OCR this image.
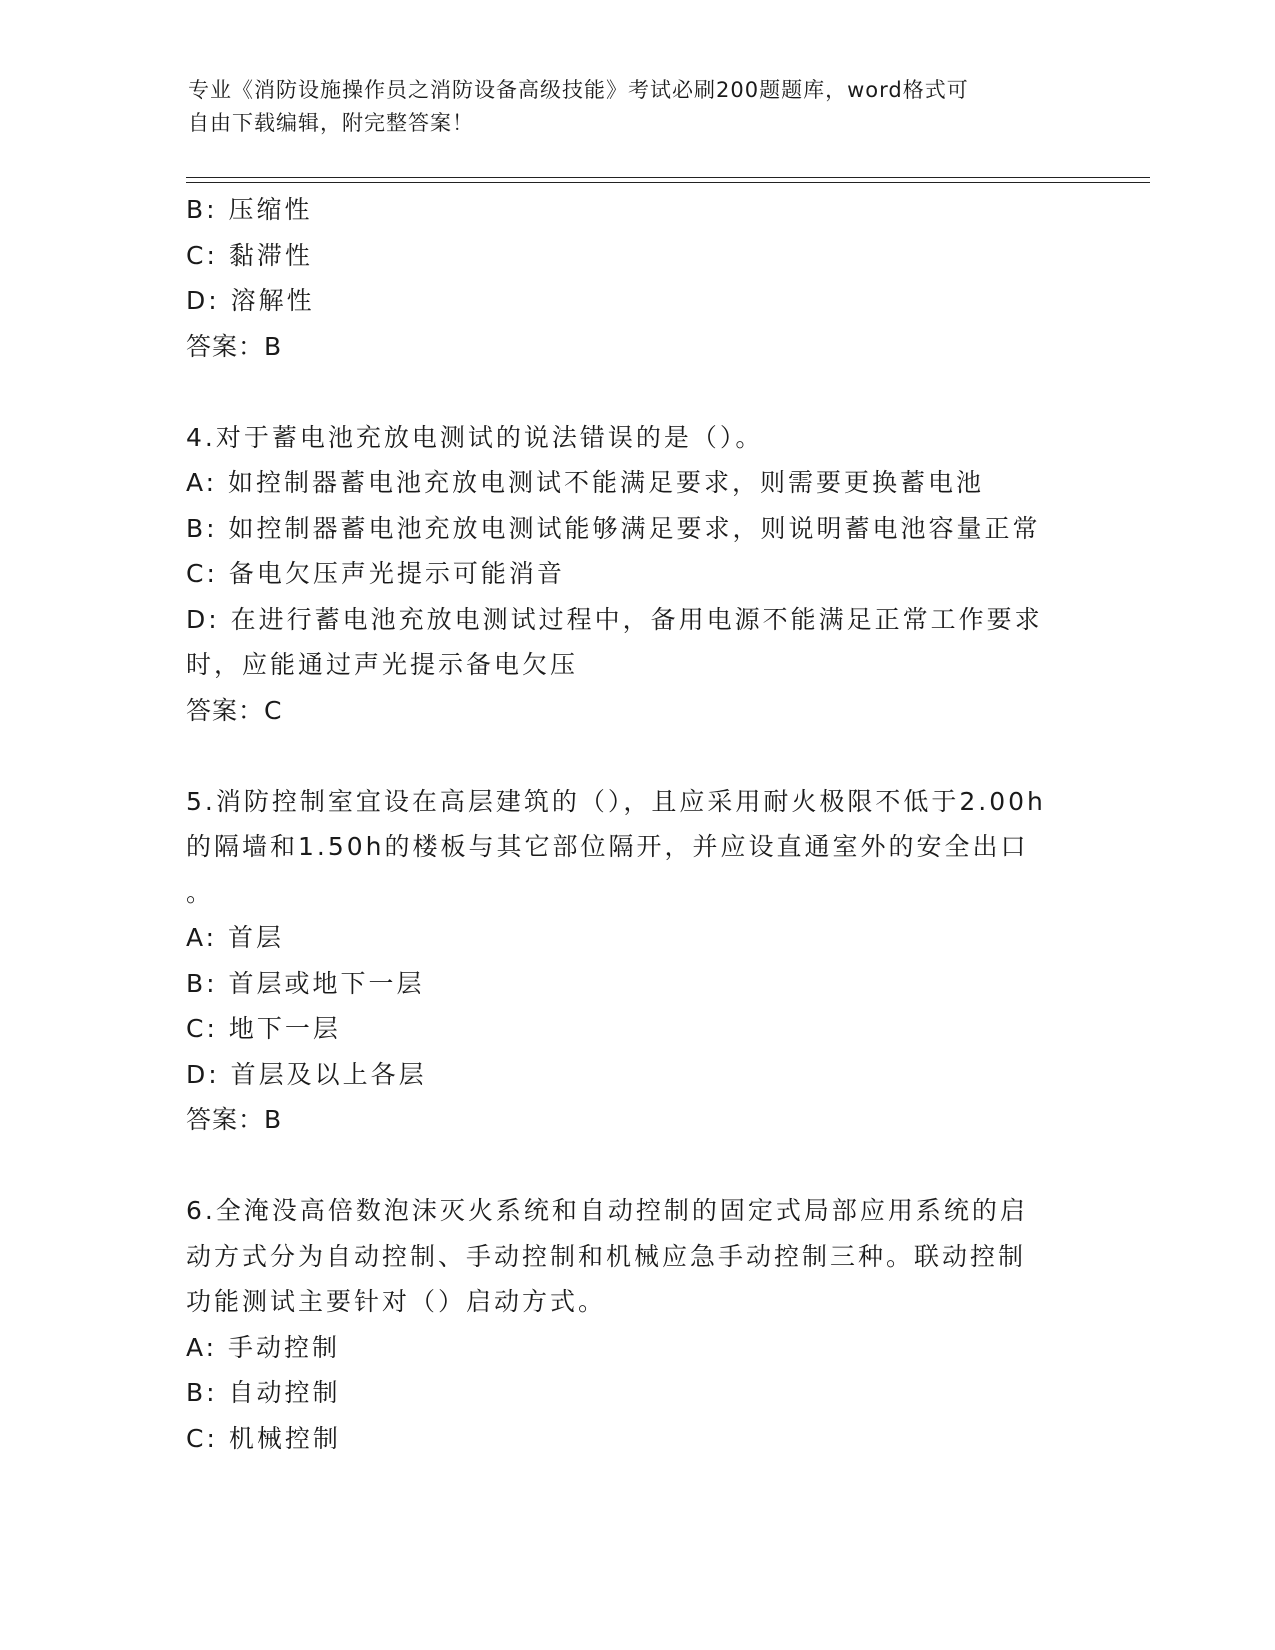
专业《消防设施操作员之消防设备高级技能》考试必刷200题题库，word格式可
自由下载编辑，附完整答案！
B: 压缩性
C: 黏滞性
D: 溶解性
答案：B
4.对于蓄电池充放电测试的说法错误的是（）。
A: 如控制器蓄电池充放电测试不能满足要求，则需要更换蓄电池
B: 如控制器蓄电池充放电测试能够满足要求，则说明蓄电池容量正常
C: 备电欠压声光提示可能消音
D: 在进行蓄电池充放电测试过程中，备用电源不能满足正常工作要求
时，应能通过声光提示备电欠压
答案：C
5.消防控制室宜设在高层建筑的（），且应采用耐火极限不低于2.00h
的隔墙和1.50h的楼板与其它部位隔开，并应设直通室外的安全出口
。
A: 首层
B: 首层或地下一层
C: 地下一层
D: 首层及以上各层
答案：B
6.全淹没高倍数泡沫灭火系统和自动控制的固定式局部应用系统的启
动方式分为自动控制、手动控制和机械应急手动控制三种。联动控制
功能测试主要针对（）启动方式。
A: 手动控制
B: 自动控制
C: 机械控制
